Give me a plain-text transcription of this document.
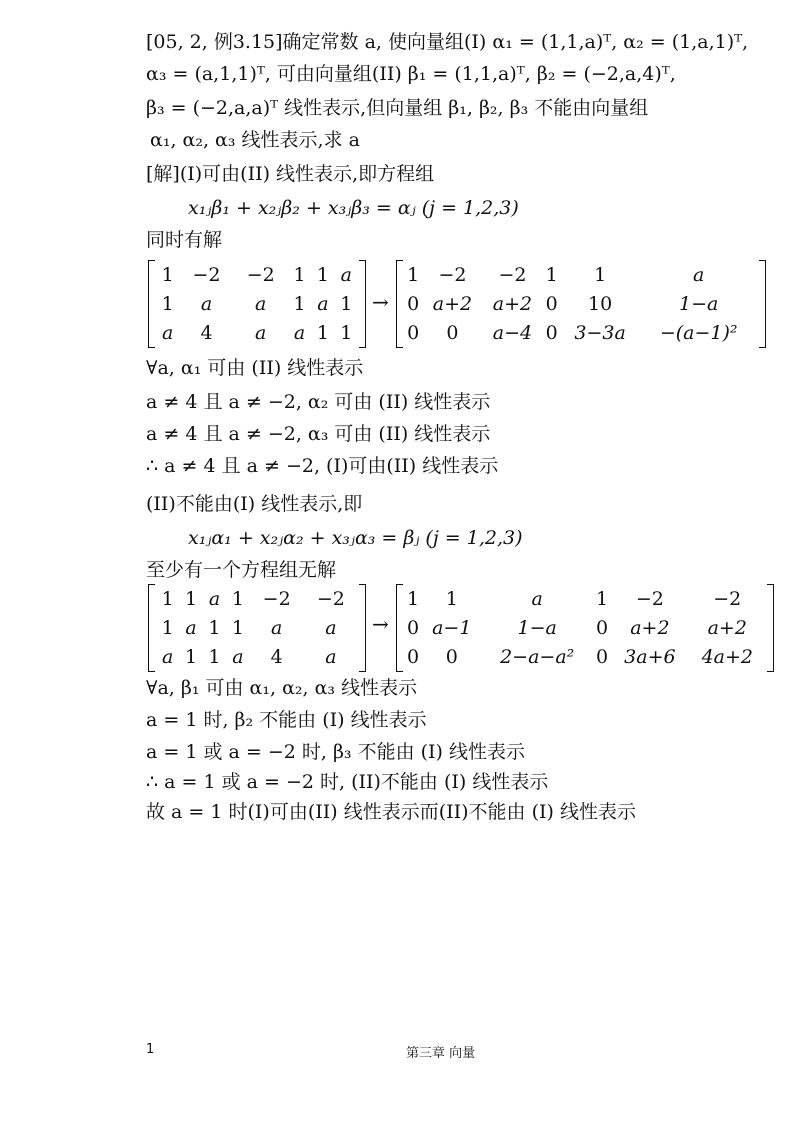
[05, 2, 例3.15]确定常数 a, 使向量组(I) α₁ = (1,1,a)ᵀ, α₂ = (1,a,1)ᵀ,
α₃ = (a,1,1)ᵀ, 可由向量组(II) β₁ = (1,1,a)ᵀ, β₂ = (−2,a,4)ᵀ,
β₃ = (−2,a,a)ᵀ 线性表示,但向量组 β₁, β₂, β₃ 不能由向量组
α₁, α₂, α₃ 线性表示,求 a
[解](I)可由(II) 线性表示,即方程组
x₁ⱼβ₁ + x₂ⱼβ₂ + x₃ⱼβ₃ = αⱼ (j = 1,2,3)
同时有解
1	−2	−2	1	1	a
1	a	a	1	a	1
a	4	a	a	1	1
→
1	−2	−2	1	1	a
0	a+2	a+2	0	10	1−a
0	0	a−4	0	3−3a	−(a−1)²
∀a, α₁ 可由 (II) 线性表示
a ≠ 4 且 a ≠ −2, α₂ 可由 (II) 线性表示
a ≠ 4 且 a ≠ −2, α₃ 可由 (II) 线性表示
∴ a ≠ 4 且 a ≠ −2, (I)可由(II) 线性表示
(II)不能由(I) 线性表示,即
x₁ⱼα₁ + x₂ⱼα₂ + x₃ⱼα₃ = βⱼ (j = 1,2,3)
至少有一个方程组无解
1	1	a	1	−2	−2
1	a	1	1	a	a
a	1	1	a	4	a
→
1	1	a	1	−2	−2
0	a−1	1−a	0	a+2	a+2
0	0	2−a−a²	0	3a+6	4a+2
∀a, β₁ 可由 α₁, α₂, α₃ 线性表示
a = 1 时, β₂ 不能由 (I) 线性表示
a = 1 或 a = −2 时, β₃ 不能由 (I) 线性表示
∴ a = 1 或 a = −2 时, (II)不能由 (I) 线性表示
故 a = 1 时(I)可由(II) 线性表示而(II)不能由 (I) 线性表示
1	第三章 向量
